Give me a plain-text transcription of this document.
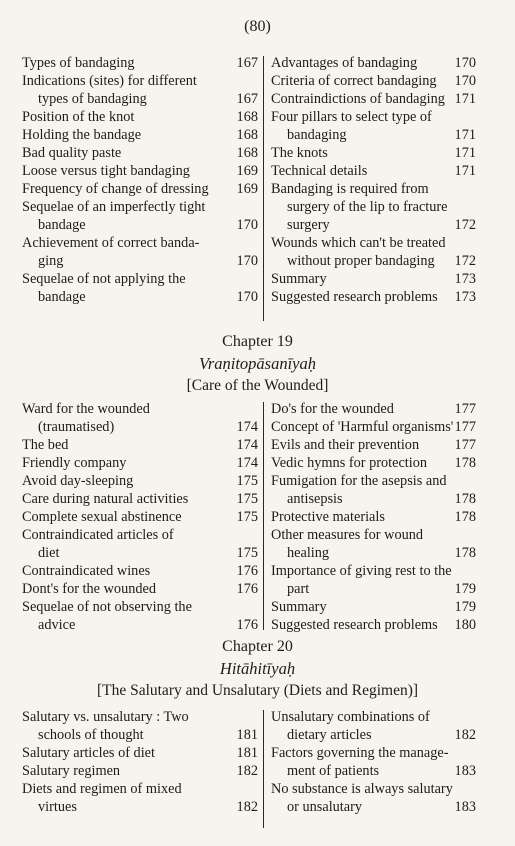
(80)
Types of bandaging	167
Indications (sites) for different
types of bandaging	167
Position of the knot	168
Holding the bandage	168
Bad quality paste	168
Loose versus tight bandaging	169
Frequency of change of dressing	169
Sequelae of an imperfectly tight
bandage	170
Achievement of correct banda-
ging	170
Sequelae of not applying the
bandage	170
Advantages of bandaging	170
Criteria of correct bandaging	170
Contraindictions of bandaging 171
Four pillars to select type of
bandaging	171
The knots	171
Technical details	171
Bandaging is required from
surgery of the lip to fracture
surgery	172
Wounds which can't be treated
without proper bandaging	172
Summary	173
Suggested research problems	173
Chapter 19
Vraṇitopāsanīyaḥ
[Care of the Wounded]
Ward for the wounded
(traumatised)	174
The bed	174
Friendly company	174
Avoid day-sleeping	175
Care during natural activities	175
Complete sexual abstinence	175
Contraindicated articles of
diet	175
Contraindicated wines	176
Dont's for the wounded	176
Sequelae of not observing the
advice	176
Do's for the wounded	177
Concept of 'Harmful organisms' 177
Evils and their prevention	177
Vedic hymns for protection	178
Fumigation for the asepsis and
antisepsis	178
Protective materials	178
Other measures for wound
healing	178
Importance of giving rest to the
part	179
Summary	179
Suggested research problems	180
Chapter 20
Hitāhitīyaḥ
[The Salutary and Unsalutary (Diets and Regimen)]
Salutary vs. unsalutary : Two
schools of thought	181
Salutary articles of diet	181
Salutary regimen	182
Diets and regimen of mixed
virtues	182
Unsalutary combinations of
dietary articles	182
Factors governing the manage-
ment of patients	183
No substance is always salutary
or unsalutary	183
